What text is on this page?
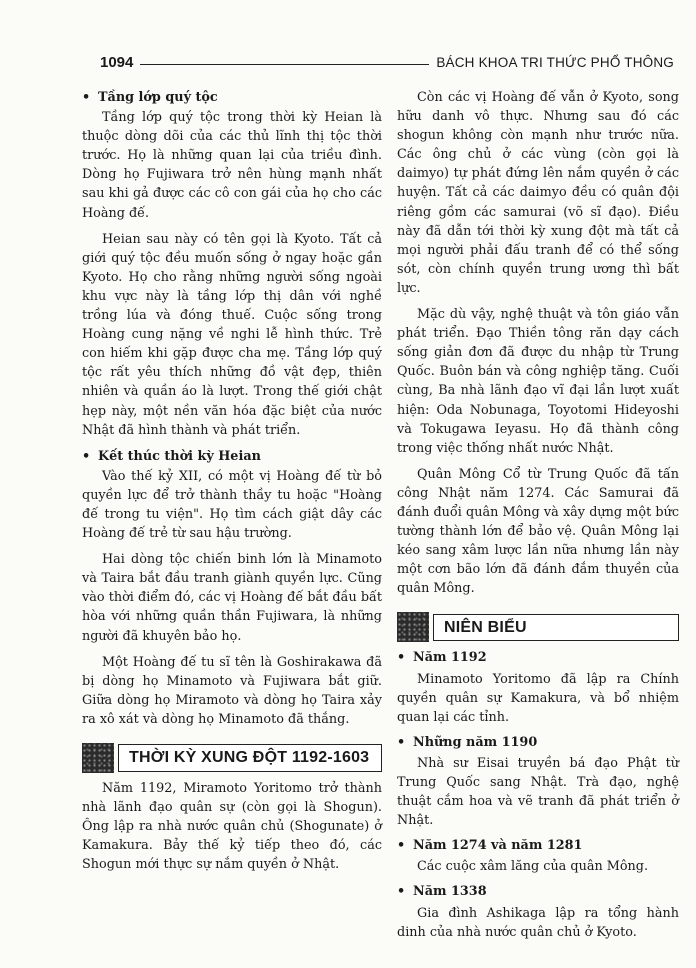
1094	BÁCH KHOA TRI THỨC PHỔ THÔNG
• Tầng lớp quý tộc

Tầng lớp quý tộc trong thời kỳ Heian là thuộc dòng dõi của các thủ lĩnh thị tộc thời trước. Họ là những quan lại của triều đình. Dòng họ Fujiwara trở nên hùng mạnh nhất sau khi gả được các cô con gái của họ cho các Hoàng đế.

Heian sau này có tên gọi là Kyoto. Tất cả giới quý tộc đều muốn sống ở ngay hoặc gần Kyoto. Họ cho rằng những người sống ngoài khu vực này là tầng lớp thị dân với nghề trồng lúa và đóng thuế. Cuộc sống trong Hoàng cung nặng về nghi lễ hình thức. Trẻ con hiếm khi gặp được cha mẹ. Tầng lớp quý tộc rất yêu thích những đồ vật đẹp, thiên nhiên và quần áo là lượt. Trong thế giới chật hẹp này, một nền văn hóa đặc biệt của nước Nhật đã hình thành và phát triển.

• Kết thúc thời kỳ Heian

Vào thế kỷ XII, có một vị Hoàng đế từ bỏ quyền lực để trở thành thầy tu hoặc "Hoàng đế trong tu viện". Họ tìm cách giật dây các Hoàng đế trẻ từ sau hậu trường.

Hai dòng tộc chiến binh lớn là Minamoto và Taira bắt đầu tranh giành quyền lực. Cũng vào thời điểm đó, các vị Hoàng đế bắt đầu bất hòa với những quần thần Fujiwara, là những người đã khuyên bảo họ.

Một Hoàng đế tu sĩ tên là Goshirakawa đã bị dòng họ Minamoto và Fujiwara bắt giữ. Giữa dòng họ Miramoto và dòng họ Taira xảy ra xô xát và dòng họ Minamoto đã thắng.

THỜI KỲ XUNG ĐỘT 1192-1603

Năm 1192, Miramoto Yoritomo trở thành nhà lãnh đạo quân sự (còn gọi là Shogun). Ông lập ra nhà nước quân chủ (Shogunate) ở Kamakura. Bảy thế kỷ tiếp theo đó, các Shogun mới thực sự nắm quyền ở Nhật.

Còn các vị Hoàng đế vẫn ở Kyoto, song hữu danh vô thực. Nhưng sau đó các shogun không còn mạnh như trước nữa. Các ông chủ ở các vùng (còn gọi là daimyo) tự phát đứng lên nắm quyền ở các huyện. Tất cả các daimyo đều có quân đội riêng gồm các samurai (võ sĩ đạo). Điều này đã dẫn tới thời kỳ xung đột mà tất cả mọi người phải đấu tranh để có thể sống sót, còn chính quyền trung ương thì bất lực.

Mặc dù vậy, nghệ thuật và tôn giáo vẫn phát triển. Đạo Thiền tông răn dạy cách sống giản đơn đã được du nhập từ Trung Quốc. Buôn bán và công nghiệp tăng. Cuối cùng, Ba nhà lãnh đạo vĩ đại lần lượt xuất hiện: Oda Nobunaga, Toyotomi Hideyoshi và Tokugawa Ieyasu. Họ đã thành công trong việc thống nhất nước Nhật.

Quân Mông Cổ từ Trung Quốc đã tấn công Nhật năm 1274. Các Samurai đã đánh đuổi quân Mông và xây dựng một bức tường thành lớn để bảo vệ. Quân Mông lại kéo sang xâm lược lần nữa nhưng lần này một cơn bão lớn đã đánh đắm thuyền của quân Mông.

NIÊN BIỂU
• Năm 1192

Minamoto Yoritomo đã lập ra Chính quyền quân sự Kamakura, và bổ nhiệm quan lại các tỉnh.

• Những năm 1190

Nhà sư Eisai truyền bá đạo Phật từ Trung Quốc sang Nhật. Trà đạo, nghệ thuật cắm hoa và vẽ tranh đã phát triển ở Nhật.

• Năm 1274 và năm 1281

Các cuộc xâm lăng của quân Mông.

• Năm 1338

Gia đình Ashikaga lập ra tổng hành dinh của nhà nước quân chủ ở Kyoto.
